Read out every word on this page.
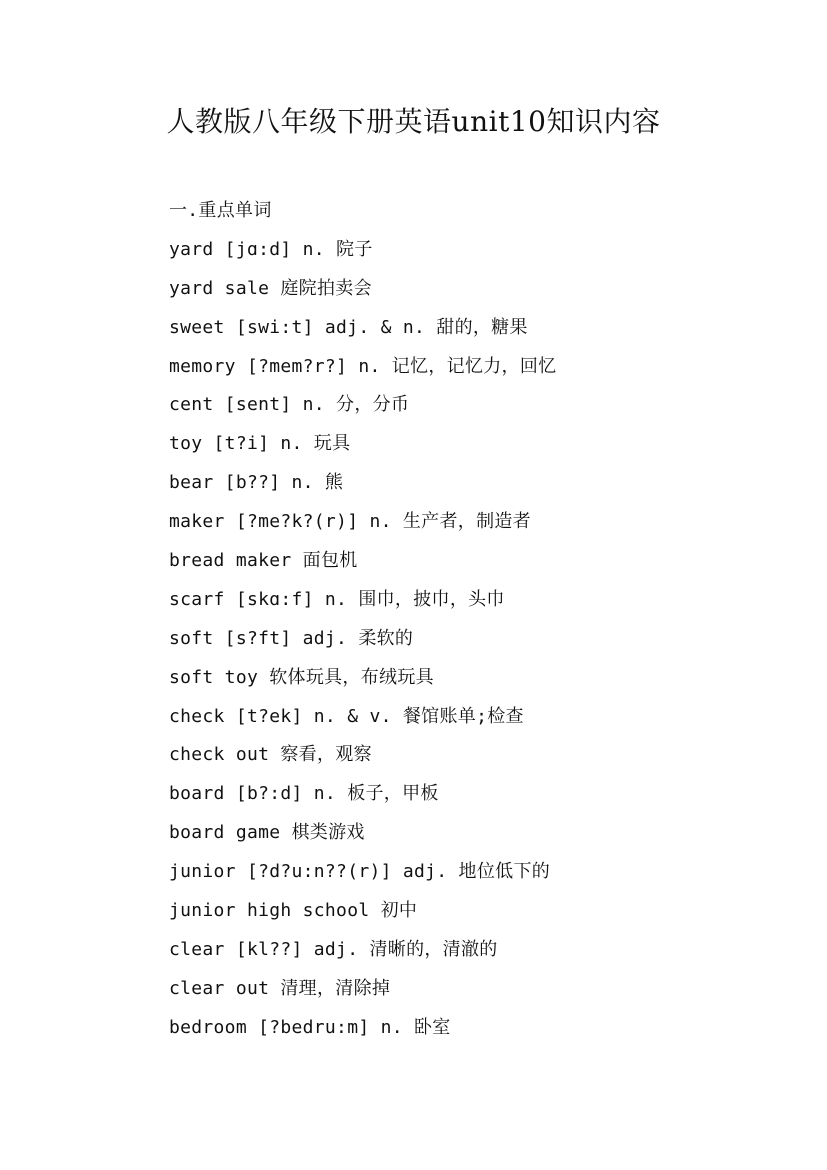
人教版八年级下册英语unit10知识内容
一.重点单词
yard [jɑ:d] n. 院子
yard sale 庭院拍卖会
sweet [swi:t] adj. & n. 甜的，糖果
memory [?mem?r?] n. 记忆，记忆力，回忆
cent [sent] n. 分，分币
toy [t?i] n. 玩具
bear [b??] n. 熊
maker [?me?k?(r)] n. 生产者，制造者
bread maker 面包机
scarf [skɑ:f] n. 围巾，披巾，头巾
soft [s?ft] adj. 柔软的
soft toy 软体玩具，布绒玩具
check [t?ek] n. & v. 餐馆账单;检查
check out 察看，观察
board [b?:d] n. 板子，甲板
board game 棋类游戏
junior [?d?u:n??(r)] adj. 地位低下的
junior high school 初中
clear [kl??] adj. 清晰的，清澈的
clear out 清理，清除掉
bedroom [?bedru:m] n. 卧室
